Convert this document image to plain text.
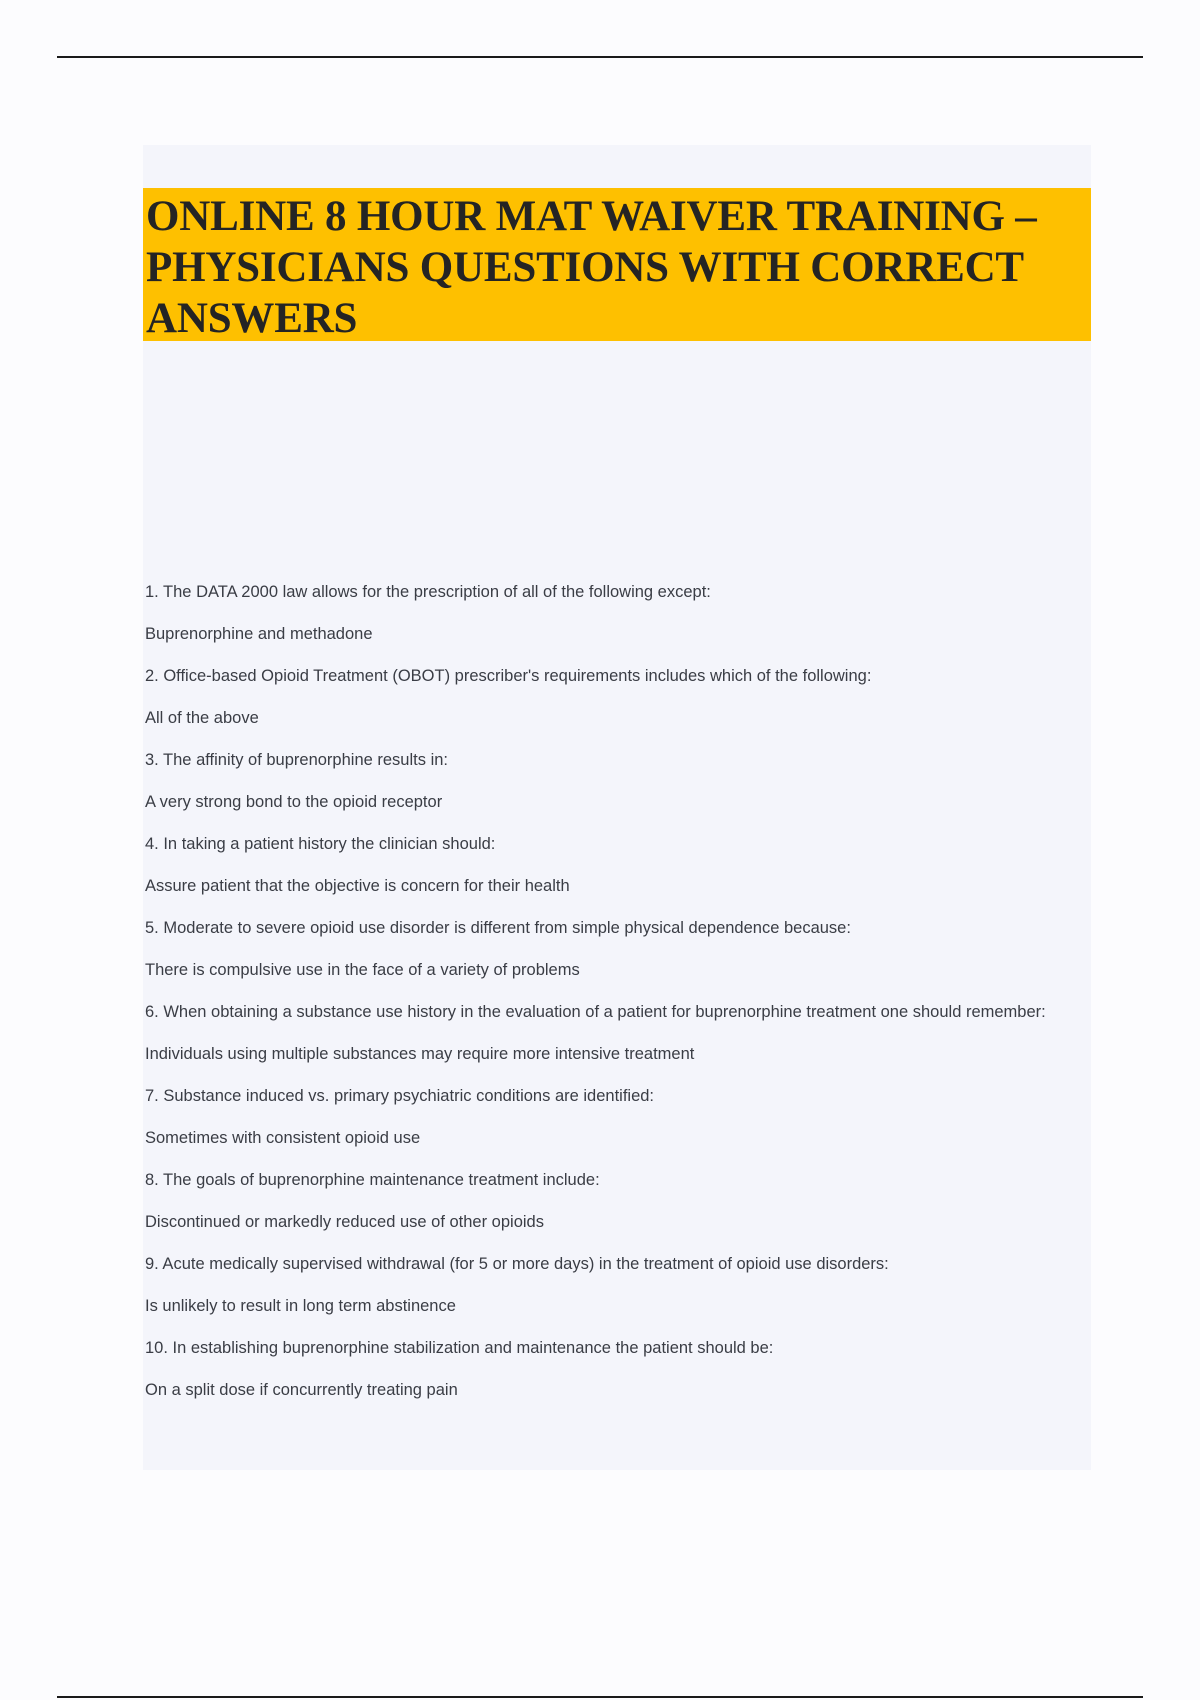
ONLINE 8 HOUR MAT WAIVER TRAINING – PHYSICIANS QUESTIONS WITH CORRECT ANSWERS
1. The DATA 2000 law allows for the prescription of all of the following except:
Buprenorphine and methadone
2. Office-based Opioid Treatment (OBOT) prescriber's requirements includes which of the following:
All of the above
3. The affinity of buprenorphine results in:
A very strong bond to the opioid receptor
4. In taking a patient history the clinician should:
Assure patient that the objective is concern for their health
5. Moderate to severe opioid use disorder is different from simple physical dependence because:
There is compulsive use in the face of a variety of problems
6. When obtaining a substance use history in the evaluation of a patient for buprenorphine treatment one should remember:
Individuals using multiple substances may require more intensive treatment
7. Substance induced vs. primary psychiatric conditions are identified:
Sometimes with consistent opioid use
8. The goals of buprenorphine maintenance treatment include:
Discontinued or markedly reduced use of other opioids
9. Acute medically supervised withdrawal (for 5 or more days) in the treatment of opioid use disorders:
Is unlikely to result in long term abstinence
10. In establishing buprenorphine stabilization and maintenance the patient should be:
On a split dose if concurrently treating pain
